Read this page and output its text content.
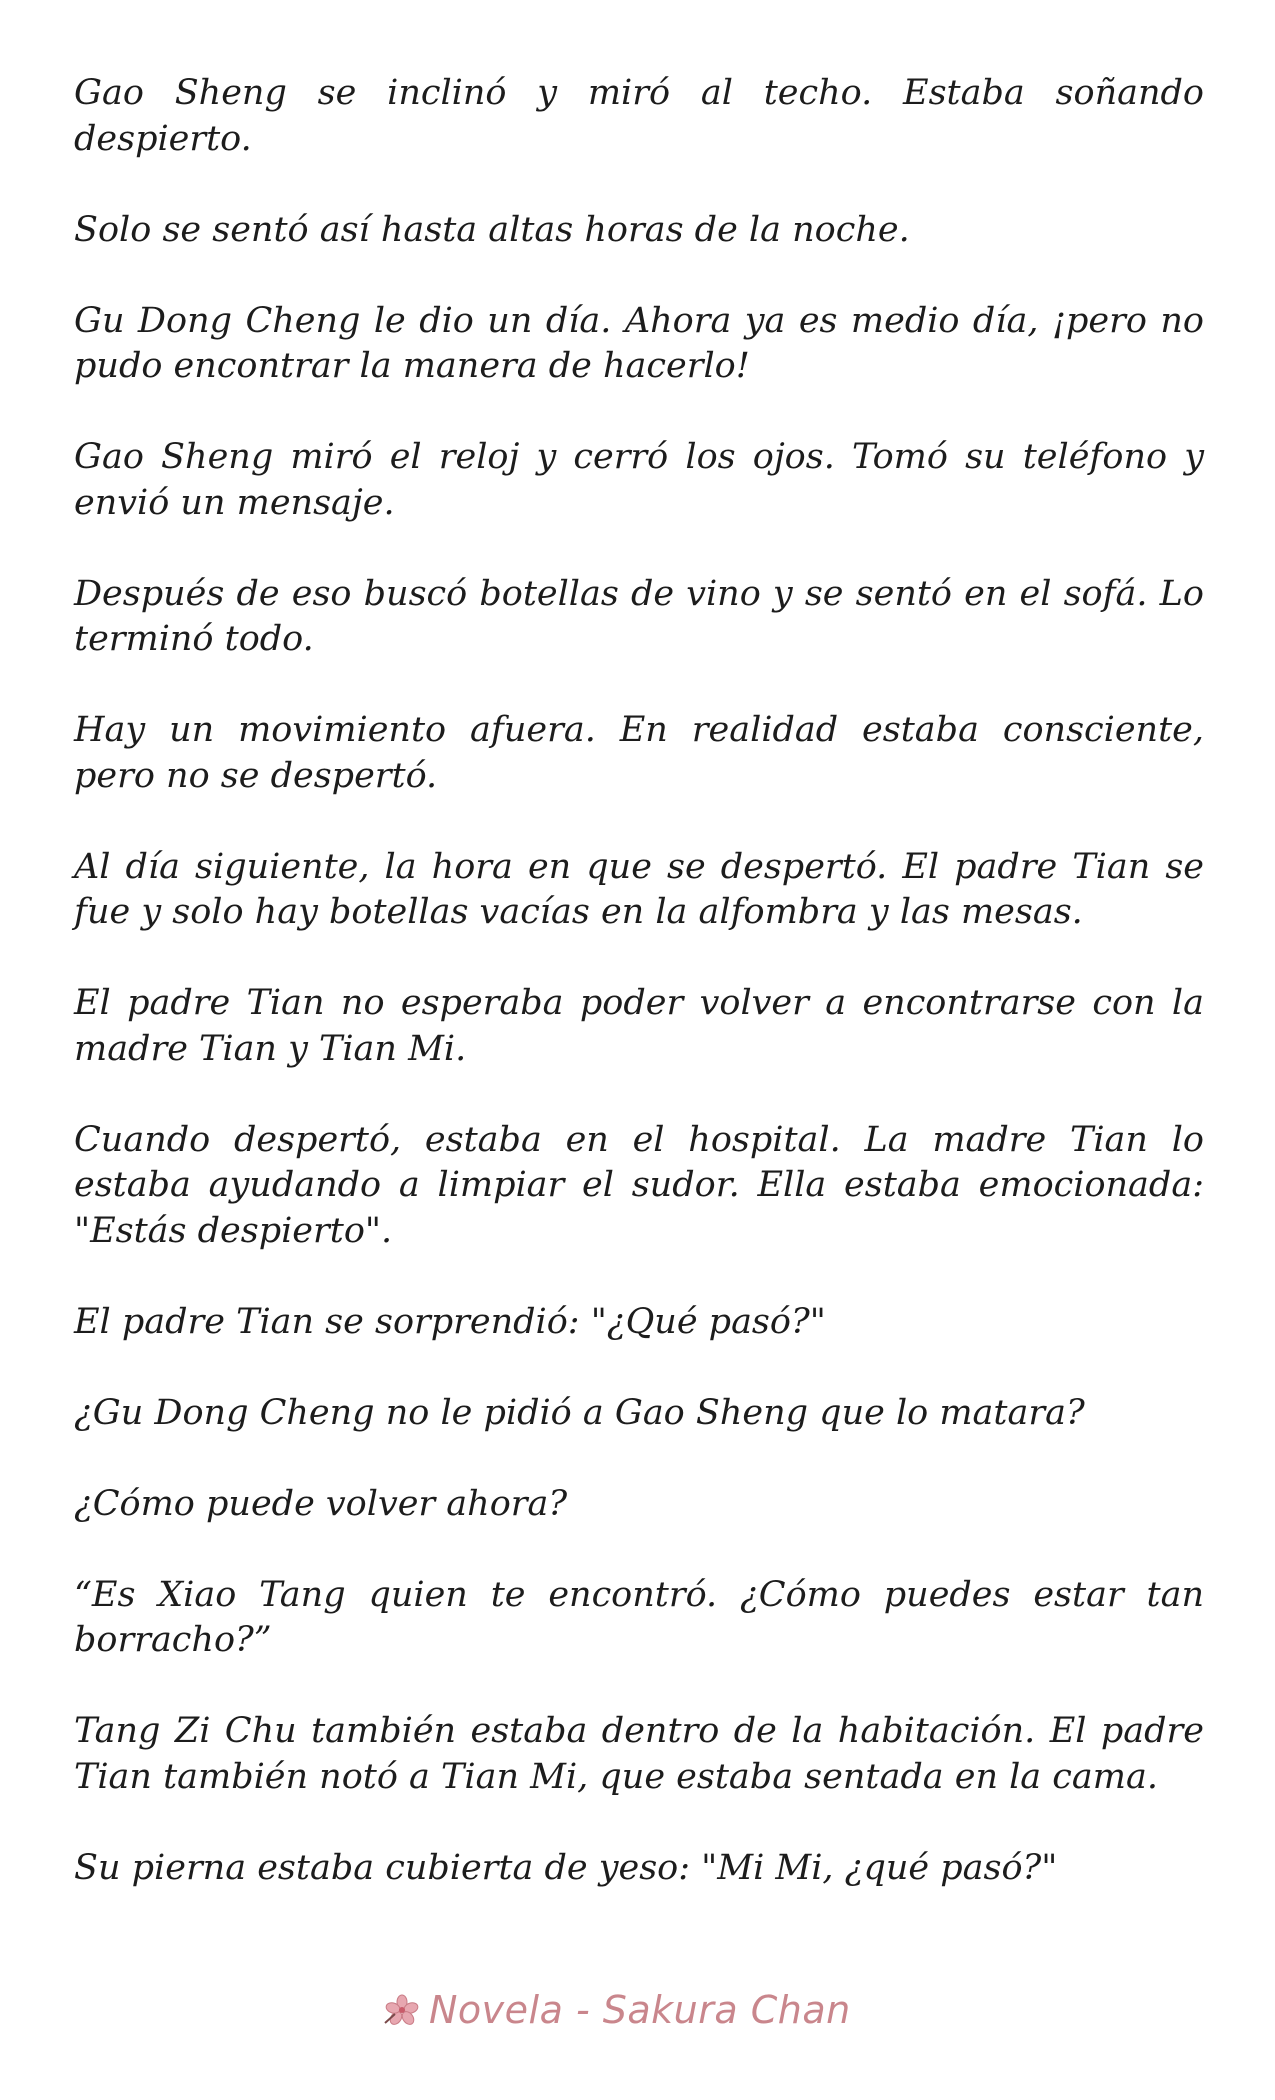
Gao Sheng se inclinó y miró al techo. Estaba soñando despierto.

Solo se sentó así hasta altas horas de la noche.

Gu Dong Cheng le dio un día. Ahora ya es medio día, ¡pero no pudo encontrar la manera de hacerlo!

Gao Sheng miró el reloj y cerró los ojos. Tomó su teléfono y envió un mensaje.

Después de eso buscó botellas de vino y se sentó en el sofá. Lo terminó todo.

Hay un movimiento afuera. En realidad estaba consciente, pero no se despertó.

Al día siguiente, la hora en que se despertó. El padre Tian se fue y solo hay botellas vacías en la alfombra y las mesas.

El padre Tian no esperaba poder volver a encontrarse con la madre Tian y Tian Mi.

Cuando despertó, estaba en el hospital. La madre Tian lo estaba ayudando a limpiar el sudor. Ella estaba emocionada: "Estás despierto".

El padre Tian se sorprendió: "¿Qué pasó?"

¿Gu Dong Cheng no le pidió a Gao Sheng que lo matara?

¿Cómo puede volver ahora?

“Es Xiao Tang quien te encontró. ¿Cómo puedes estar tan borracho?”

Tang Zi Chu también estaba dentro de la habitación. El padre Tian también notó a Tian Mi, que estaba sentada en la cama.

Su pierna estaba cubierta de yeso: "Mi Mi, ¿qué pasó?"

Novela - Sakura Chan
